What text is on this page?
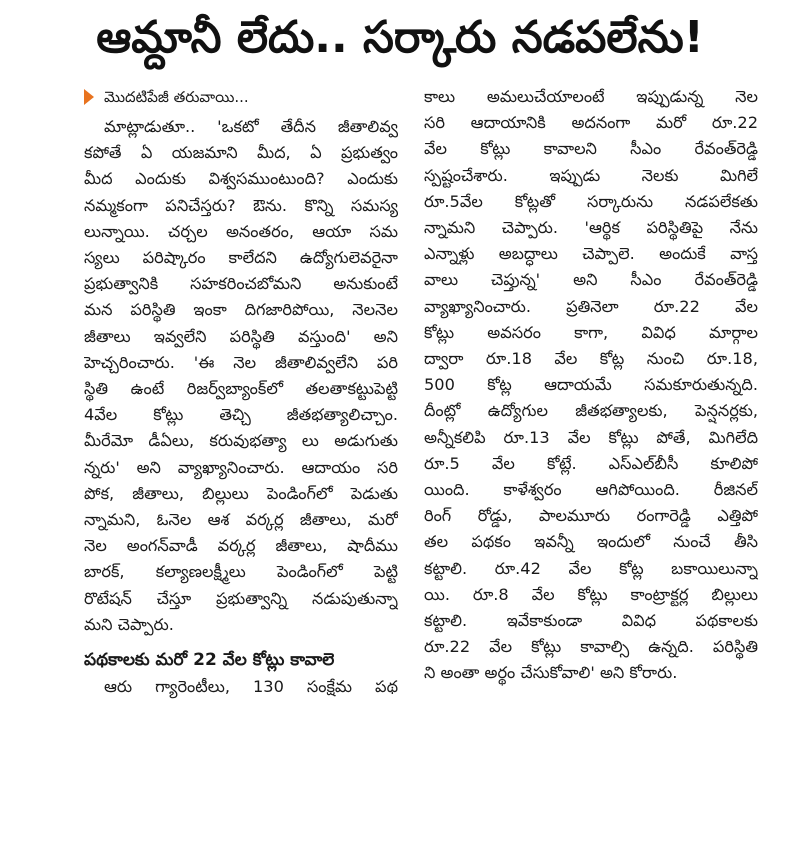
ఆమ్దానీ లేదు.. సర్కారు నడపలేను!
మొదటిపేజీ తరువాయి...
మాట్లాడుతూ.. 'ఒకటో తేదీన జీతాలివ్వ
కపోతే ఏ యజమాని మీద, ఏ ప్రభుత్వం
మీద ఎందుకు విశ్వసముంటుంది? ఎందుకు
నమ్మకంగా పనిచేస్తరు? ఔను. కొన్ని సమస్య
లున్నాయి. చర్చల అనంతరం, ఆయా సమ
స్యలు పరిష్కారం కాలేదని ఉద్యోగులెవరైనా
ప్రభుత్వానికి సహకరించబోమని అనుకుంటే
మన పరిస్థితి ఇంకా దిగజారిపోయి, నెలనెల
జీతాలు ఇవ్వలేని పరిస్థితి వస్తుంది' అని
హెచ్చరించారు. 'ఈ నెల జీతాలివ్వలేని పరి
స్థితి ఉంటే రిజర్వ్‌బ్యాంక్‌లో తలతాకట్టుపెట్టి
4వేల కోట్లు తెచ్చి జీతభత్యాలిచ్చాం.
మీరేమో డీఏలు, కరువుభత్యా లు అడుగుతు
న్నరు' అని వ్యాఖ్యానించారు. ఆదాయం సరి
పోక, జీతాలు, బిల్లులు పెండింగ్‌లో పెడుతు
న్నామని, ఓనెల ఆశ వర్కర్ల జీతాలు, మరో
నెల అంగన్‌వాడీ వర్కర్ల జీతాలు, షాదీము
బారక్, కల్యాణలక్ష్మీలు పెండింగ్‌లో పెట్టి
రొటేషన్ చేస్తూ ప్రభుత్వాన్ని నడుపుతున్నా
మని చెప్పారు.
పథకాలకు మరో 22 వేల కోట్లు కావాలె
ఆరు గ్యారెంటీలు, 130 సంక్షేమ పథ
కాలు అమలుచేయాలంటే ఇప్పుడున్న నెల
సరి ఆదాయానికి అదనంగా మరో రూ.22
వేల కోట్లు కావాలని సీఎం రేవంత్‌రెడ్డి
స్పష్టంచేశారు. ఇప్పుడు నెలకు మిగిలే
రూ.5వేల కోట్లతో సర్కారును నడపలేకతు
న్నామని చెప్పారు. 'ఆర్థిక పరిస్థితిపై నేను
ఎన్నాళ్లు అబద్ధాలు చెప్పాలె. అందుకే వాస్త
వాలు చెప్తున్న' అని సీఎం రేవంత్‌రెడ్డి
వ్యాఖ్యానించారు. ప్రతినెలా రూ.22 వేల
కోట్లు అవసరం కాగా, వివిధ మార్గాల
ద్వారా రూ.18 వేల కోట్ల నుంచి రూ.18,
500 కోట్ల ఆదాయమే సమకూరుతున్నది.
దీంట్లో ఉద్యోగుల జీతభత్యాలకు, పెన్షనర్లకు,
అన్నీకలిపి రూ.13 వేల కోట్లు పోతే, మిగిలేది
రూ.5 వేల కోట్లే. ఎస్ఎల్‌బీసీ కూలిపో
యింది. కాళేశ్వరం ఆగిపోయింది. రీజినల్
రింగ్ రోడ్డు, పాలమూరు రంగారెడ్డి ఎత్తిపో
తల పథకం ఇవన్నీ ఇందులో నుంచే తీసి
కట్టాలి. రూ.42 వేల కోట్ల బకాయిలున్నా
యి. రూ.8 వేల కోట్లు కాంట్రాక్టర్ల బిల్లులు
కట్టాలి. ఇవేకాకుండా వివిధ పథకాలకు
రూ.22 వేల కోట్లు కావాల్సి ఉన్నది. పరిస్థితి
ని అంతా అర్థం చేసుకోవాలి' అని కోరారు.
